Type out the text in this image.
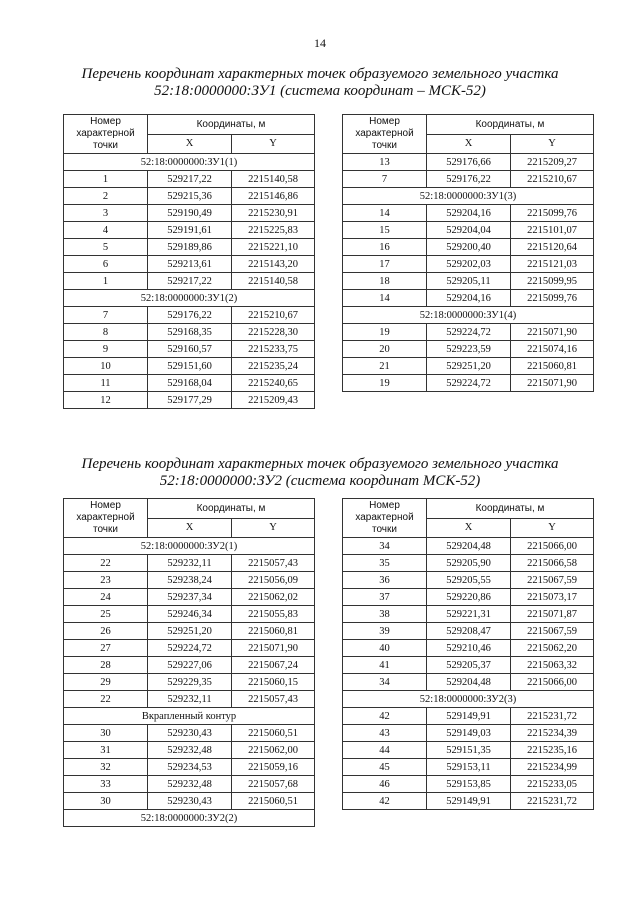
14
Перечень координат характерных точек образуемого земельного участка
52:18:0000000:ЗУ1 (система координат – МСК-52)
Номер характерной точки	Координаты, м	
	X	Y
52:18:0000000:ЗУ1(1)		
1	529217,22	2215140,58
2	529215,36	2215146,86
3	529190,49	2215230,91
4	529191,61	2215225,83
5	529189,86	2215221,10
6	529213,61	2215143,20
1	529217,22	2215140,58
52:18:0000000:ЗУ1(2)		
7	529176,22	2215210,67
8	529168,35	2215228,30
9	529160,57	2215233,75
10	529151,60	2215235,24
11	529168,04	2215240,65
12	529177,29	2215209,43
Номер характерной точки	Координаты, м	
	X	Y
13	529176,66	2215209,27
7	529176,22	2215210,67
52:18:0000000:ЗУ1(3)		
14	529204,16	2215099,76
15	529204,04	2215101,07
16	529200,40	2215120,64
17	529202,03	2215121,03
18	529205,11	2215099,95
14	529204,16	2215099,76
52:18:0000000:ЗУ1(4)		
19	529224,72	2215071,90
20	529223,59	2215074,16
21	529251,20	2215060,81
19	529224,72	2215071,90
Перечень координат характерных точек образуемого земельного участка
52:18:0000000:ЗУ2 (система координат МСК-52)
Номер характерной точки	Координаты, м	
	X	Y
52:18:0000000:ЗУ2(1)		
22	529232,11	2215057,43
23	529238,24	2215056,09
24	529237,34	2215062,02
25	529246,34	2215055,83
26	529251,20	2215060,81
27	529224,72	2215071,90
28	529227,06	2215067,24
29	529229,35	2215060,15
22	529232,11	2215057,43
Вкрапленный контур		
30	529230,43	2215060,51
31	529232,48	2215062,00
32	529234,53	2215059,16
33	529232,48	2215057,68
30	529230,43	2215060,51
52:18:0000000:ЗУ2(2)		
Номер характерной точки	Координаты, м	
	X	Y
34	529204,48	2215066,00
35	529205,90	2215066,58
36	529205,55	2215067,59
37	529220,86	2215073,17
38	529221,31	2215071,87
39	529208,47	2215067,59
40	529210,46	2215062,20
41	529205,37	2215063,32
34	529204,48	2215066,00
52:18:0000000:ЗУ2(3)		
42	529149,91	2215231,72
43	529149,03	2215234,39
44	529151,35	2215235,16
45	529153,11	2215234,99
46	529153,85	2215233,05
42	529149,91	2215231,72
